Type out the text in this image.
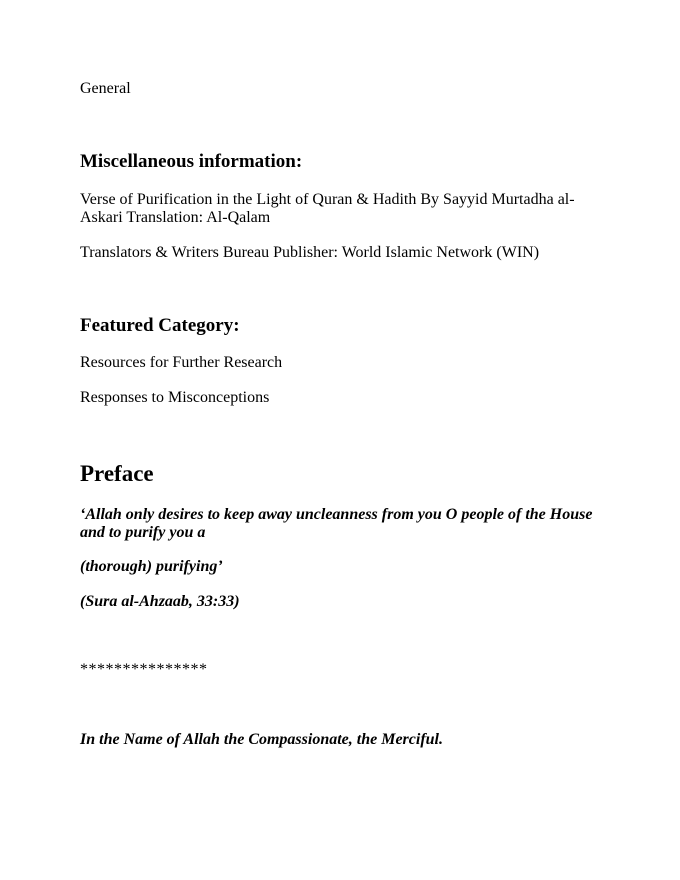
General

Miscellaneous information:

Verse of Purification in the Light of Quran & Hadith By Sayyid Murtadha al-Askari Translation: Al-Qalam

Translators & Writers Bureau Publisher: World Islamic Network (WIN)

Featured Category:

Resources for Further Research

Responses to Misconceptions

Preface

‘Allah only desires to keep away uncleanness from you O people of the House and to purify you a

(thorough) purifying’

(Sura al-Ahzaab, 33:33)

***************

In the Name of Allah the Compassionate, the Merciful.
